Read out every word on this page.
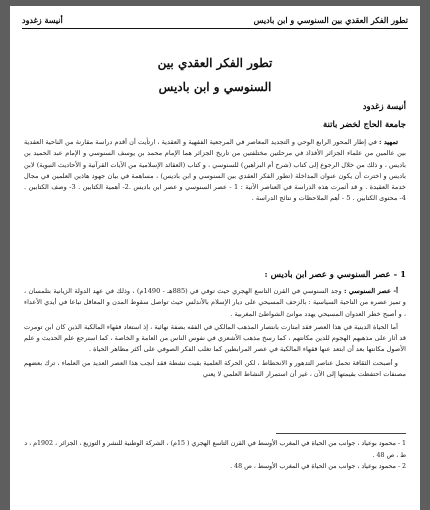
تطور الفكر العقدي بين السنوسي و ابن باديس
أنيسة زغدود
تطور الفكر العقدي بين
السنوسي و ابن باديس
أنيسة زغدود
جامعة الحاج لخضر باتنة

تمهيد : في إطار المحور الرابع الوحي و التجديد المعاصر في المرجعية الفقهية و العقدية ، ارتأيت أن أقدم دراسة مقارنة من الناحية العقدية بين عالمين من علماء الجزائر الأفذاذ في مرحلتين مختلفتين من تاريخ الجزائر هما الإمام محمد بن يوسف السنوسي و الإمام عبد الحميد بن باديس ، و ذلك من خلال الرجوع إلى كتاب (شرح أم البراهين) للسنوسي ، و كتاب (العقائد الإسلامية من الآيات القرآنية و الأحاديث النبوية) لابن باديس و اخترت أن يكون عنوان المداخلة (تطور الفكر العقدي بين السنوسي و ابن باديس) ، مساهمة في بيان جهود هاذين العلمين في مجال خدمة العقيدة . و قد أثمرت هذه الدراسة في العناصر الآتية : 1 - عصر السنوسي و عصر ابن باديس .2- أهمية الكتابين . 3- وصف الكتابين . 4- محتوى الكتابين . 5 - أهم الملاحظات و نتائج الدراسة .

1 - عصر السنوسي و عصر ابن باديس :

أ- عصر السنوسي : وجد السنوسي في القرن التاسع الهجري حيث توفي في (885هـ - 1490م) ، وذلك في عهد الدولة الزيانية بتلمسان ، و تميز عصره من الناحية السياسية : بالزحف المسيحي على ديار الإسلام بالأندلس حيث تواصل سقوط المدن و المعاقل تباعا في أيدي الأعداء ، و أصبح خطر العدوان المسيحي يهدد موانئ الشواطئ المغربية .

أما الحياة الدينية في هذا العصر فقد امتازت بانتصار المذهب المالكي في الفقه بصفة نهائية ، إذ استعاد فقهاء المالكية الذين كان ابن تومرت قد أثار على مذهبهم الهجوم للدين مكانتهم ، كما رسخ مذهب الأشعري في نفوس الناس من العامة و الخاصة ، كما استرجع علم الحديث و علم الأصول مكانتها بعد أن ابتعد عنها فقهاء المالكية في عصر المرابطين كما تغلب الفكر الصوفي على أكثر مظاهر الحياة .

و أصبحت الثقافة تحمل عناصر التدهور و الانحطاط ، لكن الحركة العلمية بقيت نشطة فقد أنجب هذا العصر العديد من العلماء ، ترك بعضهم مصنفات احتفظت بقيمتها إلى الآن ، غير أن استمرار النشاط العلمي لا يعني

1 - محمود بوعياد ، جوانب من الحياة في المغرب الأوسط في القرن التاسع الهجري ( 15م) ، الشركة الوطنية للنشر و التوزيع ، الجزائر ، 1902م ، د ط ، ص 48 .

2 - محمود بوعياد ، جوانب من الحياة في المغرب الأوسط ، ص 48 .
